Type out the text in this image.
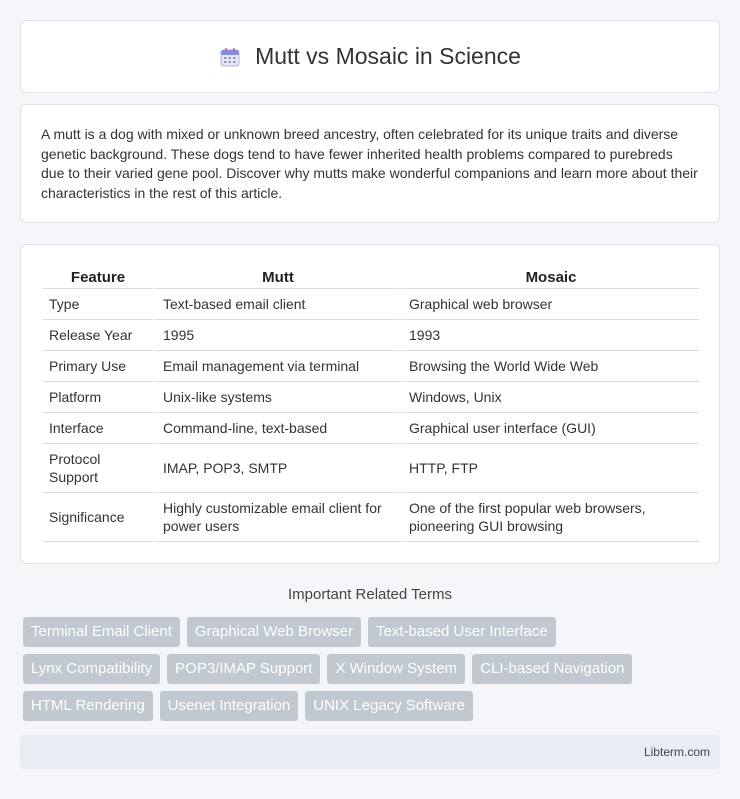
Mutt vs Mosaic in Science

A mutt is a dog with mixed or unknown breed ancestry, often celebrated for its unique traits and diverse genetic background. These dogs tend to have fewer inherited health problems compared to purebreds due to their varied gene pool. Discover why mutts make wonderful companions and learn more about their characteristics in the rest of this article.

Feature	Mutt	Mosaic
Type	Text-based email client	Graphical web browser
Release Year	1995	1993
Primary Use	Email management via terminal	Browsing the World Wide Web
Platform	Unix-like systems	Windows, Unix
Interface	Command-line, text-based	Graphical user interface (GUI)
Protocol Support	IMAP, POP3, SMTP	HTTP, FTP
Significance	Highly customizable email client for power users	One of the first popular web browsers, pioneering GUI browsing
Important Related Terms
Terminal Email Client	Graphical Web Browser	Text-based User Interface
Lynx Compatibility	POP3/IMAP Support	X Window System	CLI-based Navigation
HTML Rendering	Usenet Integration	UNIX Legacy Software
Libterm.com
